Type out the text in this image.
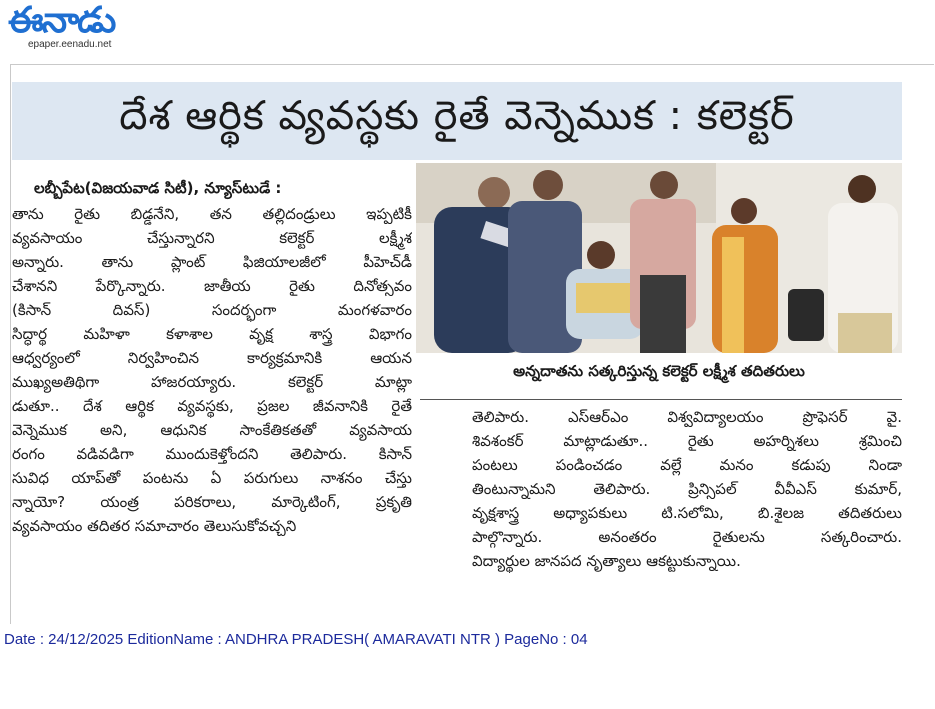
ఈనాడు
epaper.eenadu.net
దేశ ఆర్థిక వ్యవస్థకు రైతే వెన్నెముక : కలెక్టర్
లబ్బీపేట(విజయవాడ సిటీ), న్యూస్‌టుడే :
తాను రైతు బిడ్డనేని, తన తల్లిదండ్రులు ఇప్పటికీ
వ్యవసాయం చేస్తున్నారని కలెక్టర్ లక్ష్మీశ
అన్నారు. తాను ప్లాంట్ ఫిజియాలజీలో పీహెచ్‌డీ
చేశానని పేర్కొన్నారు. జాతీయ రైతు దినోత్సవం
(కిసాన్ దివస్) సందర్భంగా మంగళవారం
సిద్ధార్థ మహిళా కళాశాల వృక్ష శాస్త్ర విభాగం
ఆధ్వర్యంలో నిర్వహించిన కార్యక్రమానికి ఆయన
ముఖ్యఅతిథిగా హాజరయ్యారు. కలెక్టర్ మాట్లా
డుతూ.. దేశ ఆర్థిక వ్యవస్థకు, ప్రజల జీవనానికి రైతే
వెన్నెముక అని, ఆధునిక సాంకేతికతతో వ్యవసాయ
రంగం వడివడిగా ముందుకెళ్తోందని తెలిపారు. కిసాన్
సువిధ యాప్‌తో పంటను ఏ పరుగులు నాశనం చేస్తు
న్నాయో? యంత్ర పరికరాలు, మార్కెటింగ్, ప్రకృతి
వ్యవసాయం తదితర సమాచారం తెలుసుకోవచ్చని
అన్నదాతను సత్కరిస్తున్న కలెక్టర్ లక్ష్మీశ తదితరులు
తెలిపారు. ఎస్ఆర్ఎం విశ్వవిద్యాలయం ప్రొఫెసర్ వై.
శివశంకర్ మాట్లాడుతూ.. రైతు అహర్నిశలు శ్రమించి
పంటలు పండించడం వల్లే మనం కడుపు నిండా
తింటున్నామని తెలిపారు. ప్రిన్సిపల్ వీవీఎస్ కుమార్,
వృక్షశాస్త్ర అధ్యాపకులు టి.సలోమి, బి.శైలజ తదితరులు
పాల్గొన్నారు. అనంతరం రైతులను సత్కరించారు.
విద్యార్థుల జానపద నృత్యాలు ఆకట్టుకున్నాయి.
Date : 24/12/2025 EditionName : ANDHRA PRADESH( AMARAVATI NTR ) PageNo : 04
